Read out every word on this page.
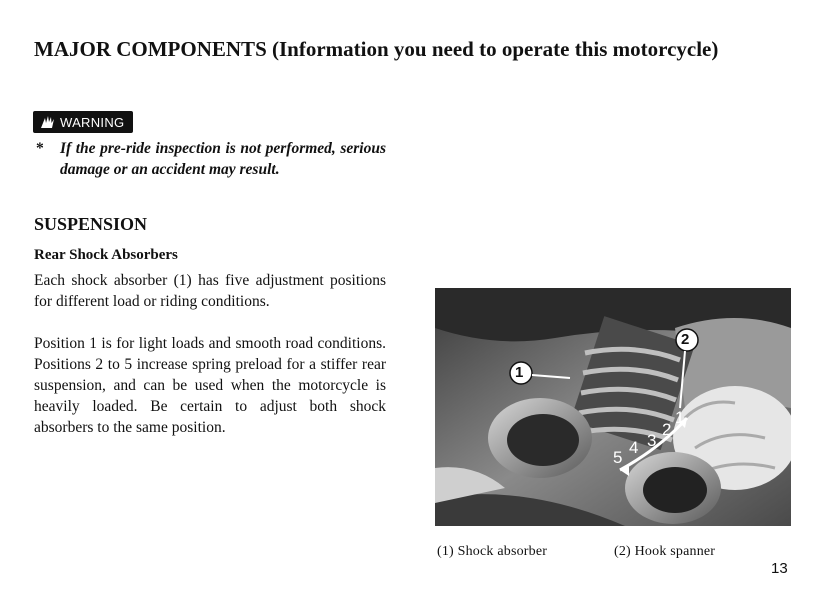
MAJOR COMPONENTS (Information you need to operate this motorcycle)
WARNING
* If the pre-ride inspection is not performed, serious damage or an accident may result.
SUSPENSION
Rear Shock Absorbers

Each shock absorber (1) has five adjustment positions for different load or riding conditions.

Position 1 is for light loads and smooth road conditions. Positions 2 to 5 increase spring preload for a stiffer rear suspension, and can be used when the motorcycle is heavily loaded. Be certain to adjust both shock absorbers to the same position.

1
2
5
4 3
2
1
(1) Shock absorber	(2) Hook spanner
13
